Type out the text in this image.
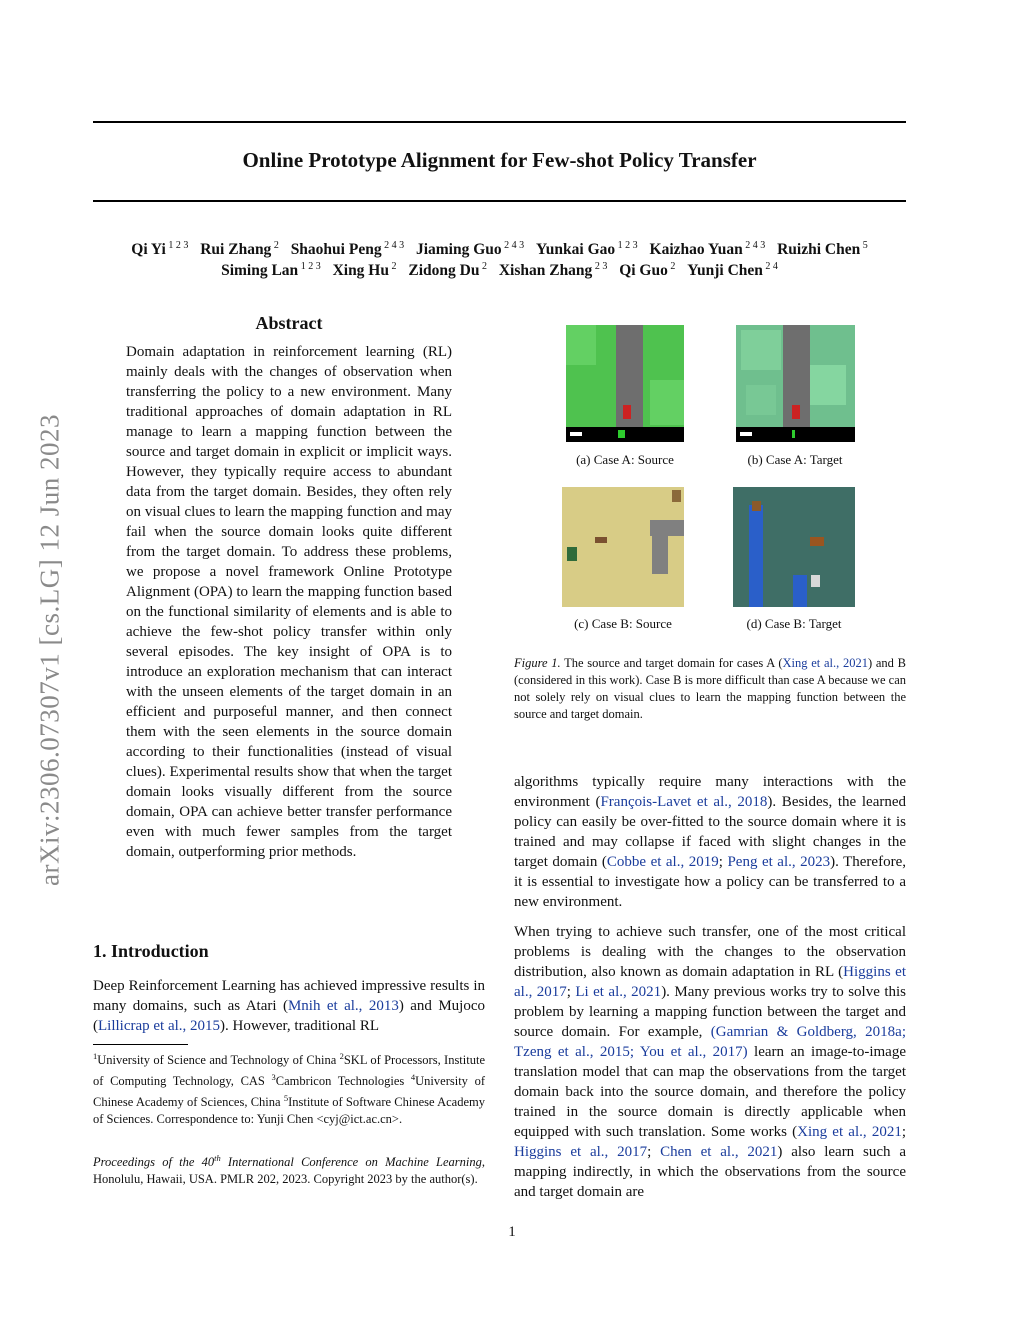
Online Prototype Alignment for Few-shot Policy Transfer
Qi Yi $^{1 2 3}$ Rui Zhang $^2$ Shaohui Peng $^{2 4 3}$ Jiaming Guo $^{2 4 3}$ Yunkai Gao $^{1 2 3}$ Kaizhao Yuan $^{2 4 3}$ Ruizhi Chen $^5$
Siming Lan $^{1 2 3}$ Xing Hu $^2$ Zidong Du $^2$ Xishan Zhang $^{2 3}$ Qi Guo $^2$ Yunji Chen $^{2 4}$
arXiv:2306.07307v1 [cs.LG] 12 Jun 2023
Abstract

Domain adaptation in reinforcement learning (RL) mainly deals with the changes of observation when transferring the policy to a new environment. Many traditional approaches of domain adaptation in RL manage to learn a mapping function between the source and target domain in explicit or implicit ways. However, they typically require access to abundant data from the target domain. Besides, they often rely on visual clues to learn the mapping function and may fail when the source domain looks quite different from the target domain. To address these problems, we propose a novel framework Online Prototype Alignment (OPA) to learn the mapping function based on the functional similarity of elements and is able to achieve the few-shot policy transfer within only several episodes. The key insight of OPA is to introduce an exploration mechanism that can interact with the unseen elements of the target domain in an efficient and purposeful manner, and then connect them with the seen elements in the source domain according to their functionalities (instead of visual clues). Experimental results show that when the target domain looks visually different from the source domain, OPA can achieve better transfer performance even with much fewer samples from the target domain, outperforming prior methods.

1. Introduction

Deep Reinforcement Learning has achieved impressive results in many domains, such as Atari (Mnih et al., 2013) and Mujoco (Lillicrap et al., 2015). However, traditional RL

$^1$University of Science and Technology of China $^2$SKL of Processors, Institute of Computing Technology, CAS $^3$Cambricon Technologies $^4$University of Chinese Academy of Sciences, China $^5$Institute of Software Chinese Academy of Sciences. Correspondence to: Yunji Chen <cyj@ict.ac.cn>.

Proceedings of the 40th International Conference on Machine Learning, Honolulu, Hawaii, USA. PMLR 202, 2023. Copyright 2023 by the author(s).

(a) Case A: Source	(b) Case A: Target
(c) Case B: Source	(d) Case B: Target

Figure 1. The source and target domain for cases A (Xing et al., 2021) and B (considered in this work). Case B is more difficult than case A because we can not solely rely on visual clues to learn the mapping function between the source and target domain.

algorithms typically require many interactions with the environment (François-Lavet et al., 2018). Besides, the learned policy can easily be over-fitted to the source domain where it is trained and may collapse if faced with slight changes in the target domain (Cobbe et al., 2019; Peng et al., 2023). Therefore, it is essential to investigate how a policy can be transferred to a new environment.

When trying to achieve such transfer, one of the most critical problems is dealing with the changes to the observation distribution, also known as domain adaptation in RL (Higgins et al., 2017; Li et al., 2021). Many previous works try to solve this problem by learning a mapping function between the target and source domain. For example, (Gamrian & Goldberg, 2018a; Tzeng et al., 2015; You et al., 2017) learn an image-to-image translation model that can map the observations from the target domain back into the source domain, and therefore the policy trained in the source domain is directly applicable when equipped with such translation. Some works (Xing et al., 2021; Higgins et al., 2017; Chen et al., 2021) also learn such a mapping indirectly, in which the observations from the source and target domain are

1
